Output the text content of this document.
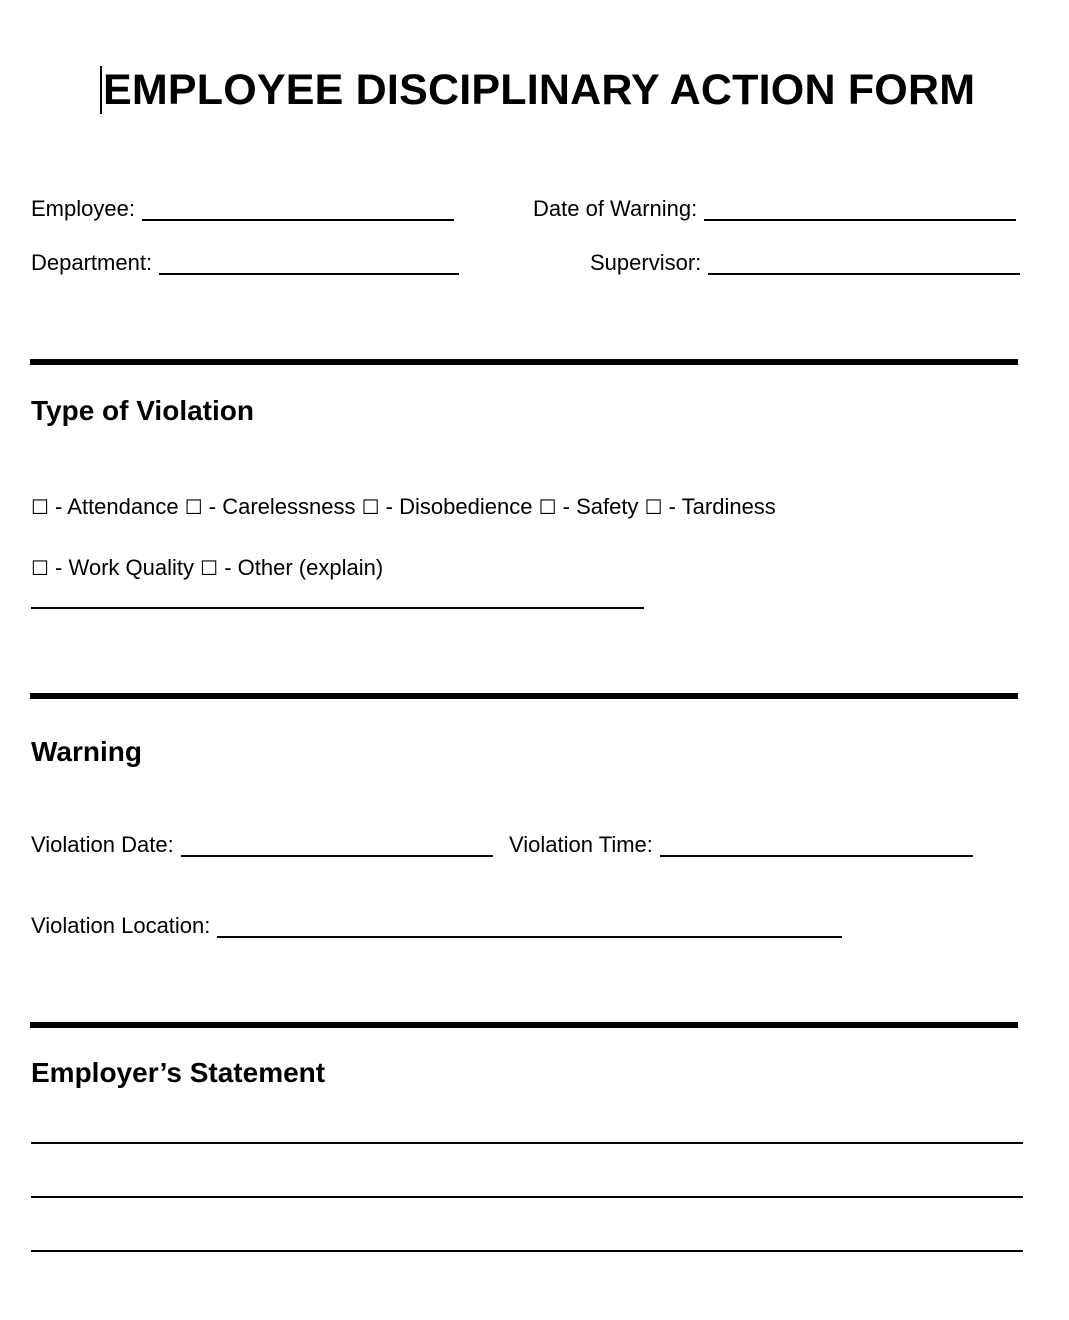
EMPLOYEE DISCIPLINARY ACTION FORM
Employee:	Date of Warning:
Department:	Supervisor:
Type of Violation
☐ - Attendance ☐ - Carelessness ☐ - Disobedience ☐ - Safety ☐ - Tardiness
☐ - Work Quality ☐ - Other (explain)
Warning
Violation Date:	Violation Time:
Violation Location:
Employer’s Statement
